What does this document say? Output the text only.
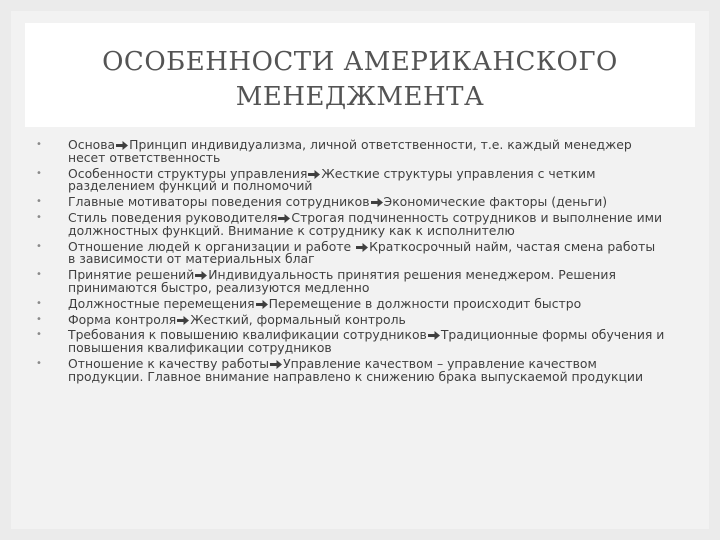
ОСОБЕННОСТИ АМЕРИКАНСКОГО
МЕНЕДЖМЕНТА
• Основа Принцип индивидуализма, личной ответственности, т.е. каждый менеджер несет ответственность
• Особенности структуры управления Жесткие структуры управления с четким разделением функций и полномочий
• Главные мотиваторы поведения сотрудников Экономические факторы (деньги)
• Стиль поведения руководителя Строгая подчиненность сотрудников и выполнение ими должностных функций. Внимание к сотруднику как к исполнителю
• Отношение людей к организации и работе Краткосрочный найм, частая смена работы в зависимости от материальных благ
• Принятие решений Индивидуальность принятия решения менеджером. Решения принимаются быстро, реализуются медленно
• Должностные перемещения Перемещение в должности происходит быстро
• Форма контроля Жесткий, формальный контроль
• Требования к повышению квалификации сотрудников Традиционные формы обучения и повышения квалификации сотрудников
• Отношение к качеству работы Управление качеством – управление качеством продукции. Главное внимание направлено к снижению брака выпускаемой продукции
